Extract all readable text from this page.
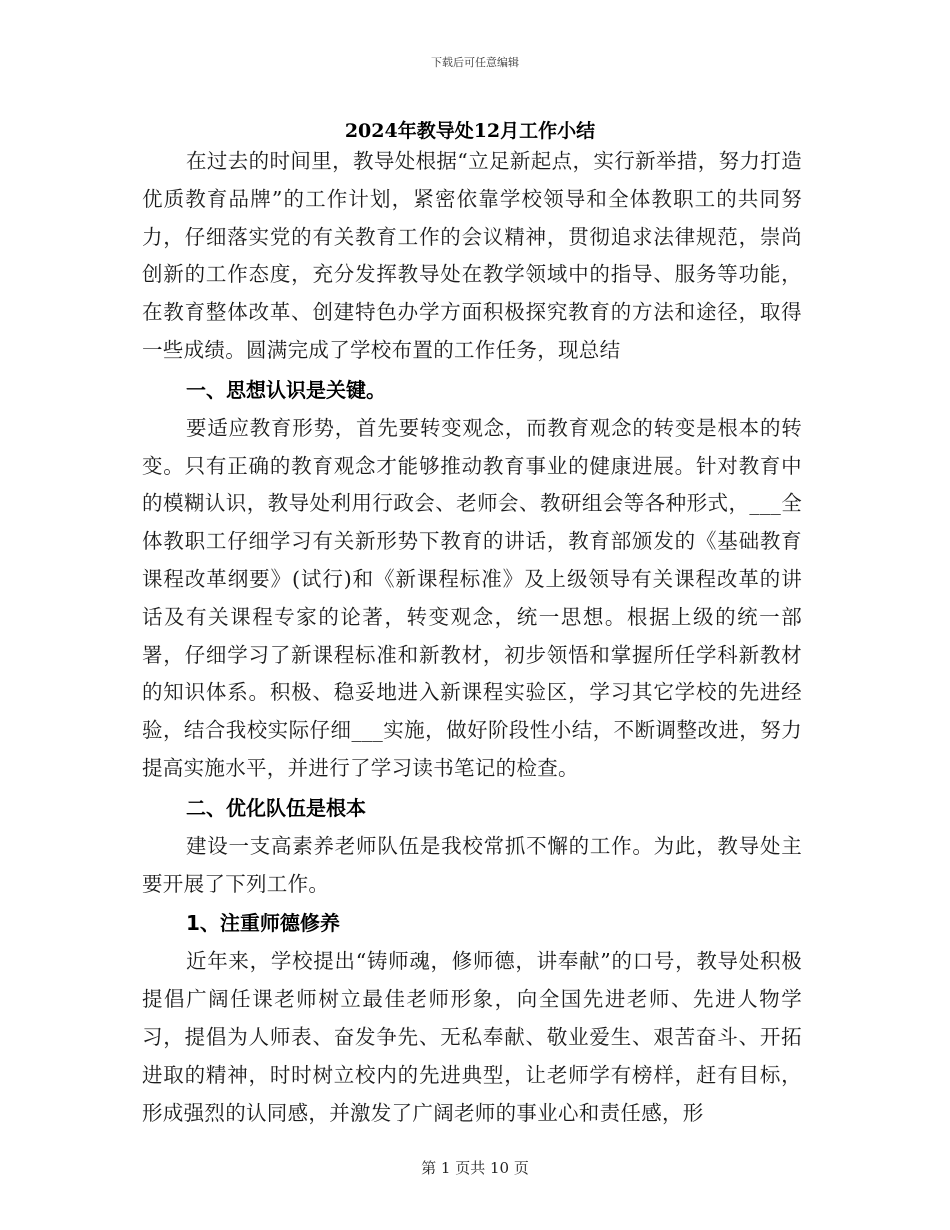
下载后可任意编辑
2024年教导处12月工作小结

在过去的时间里，教导处根据“立足新起点，实行新举措，努力打造优质教育品牌”的工作计划，紧密依靠学校领导和全体教职工的共同努力，仔细落实党的有关教育工作的会议精神，贯彻追求法律规范，崇尚创新的工作态度，充分发挥教导处在教学领域中的指导、服务等功能，在教育整体改革、创建特色办学方面积极探究教育的方法和途径，取得一些成绩。圆满完成了学校布置的工作任务，现总结

一、思想认识是关键。

要适应教育形势，首先要转变观念，而教育观念的转变是根本的转变。只有正确的教育观念才能够推动教育事业的健康进展。针对教育中的模糊认识，教导处利用行政会、老师会、教研组会等各种形式，___全体教职工仔细学习有关新形势下教育的讲话，教育部颁发的《基础教育课程改革纲要》(试行)和《新课程标准》及上级领导有关课程改革的讲话及有关课程专家的论著，转变观念，统一思想。根据上级的统一部署，仔细学习了新课程标准和新教材，初步领悟和掌握所任学科新教材的知识体系。积极、稳妥地进入新课程实验区，学习其它学校的先进经验，结合我校实际仔细___实施，做好阶段性小结，不断调整改进，努力提高实施水平，并进行了学习读书笔记的检查。

二、优化队伍是根本

建设一支高素养老师队伍是我校常抓不懈的工作。为此，教导处主要开展了下列工作。

1、注重师德修养

近年来，学校提出“铸师魂，修师德，讲奉献”的口号，教导处积极提倡广阔任课老师树立最佳老师形象，向全国先进老师、先进人物学习，提倡为人师表、奋发争先、无私奉献、敬业爱生、艰苦奋斗、开拓进取的精神，时时树立校内的先进典型，让老师学有榜样，赶有目标，形成强烈的认同感，并激发了广阔老师的事业心和责任感，形

第 1 页共 10 页
